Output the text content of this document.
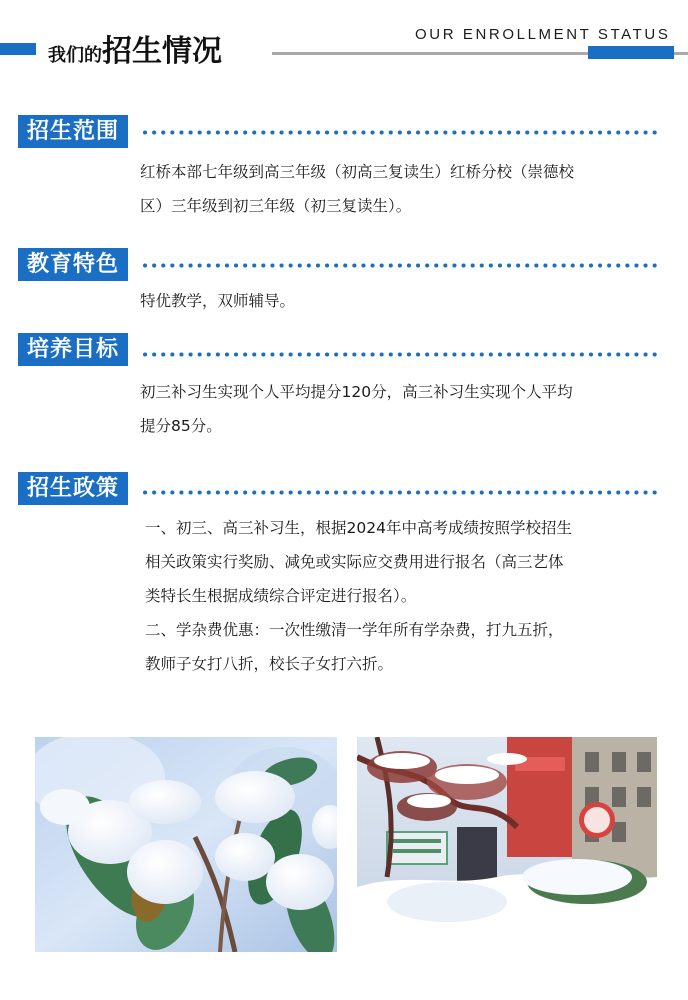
我们的招生情况	OUR ENROLLMENT STATUS
招生范围
红桥本部七年级到高三年级（初高三复读生）红桥分校（崇德校
区）三年级到初三年级（初三复读生）。
教育特色
特优教学，双师辅导。
培养目标
初三补习生实现个人平均提分120分，高三补习生实现个人平均
提分85分。
招生政策
一、初三、高三补习生，根据2024年中高考成绩按照学校招生
相关政策实行奖励、减免或实际应交费用进行报名（高三艺体
类特长生根据成绩综合评定进行报名）。
二、学杂费优惠：一次性缴清一学年所有学杂费，打九五折，
教师子女打八折，校长子女打六折。
